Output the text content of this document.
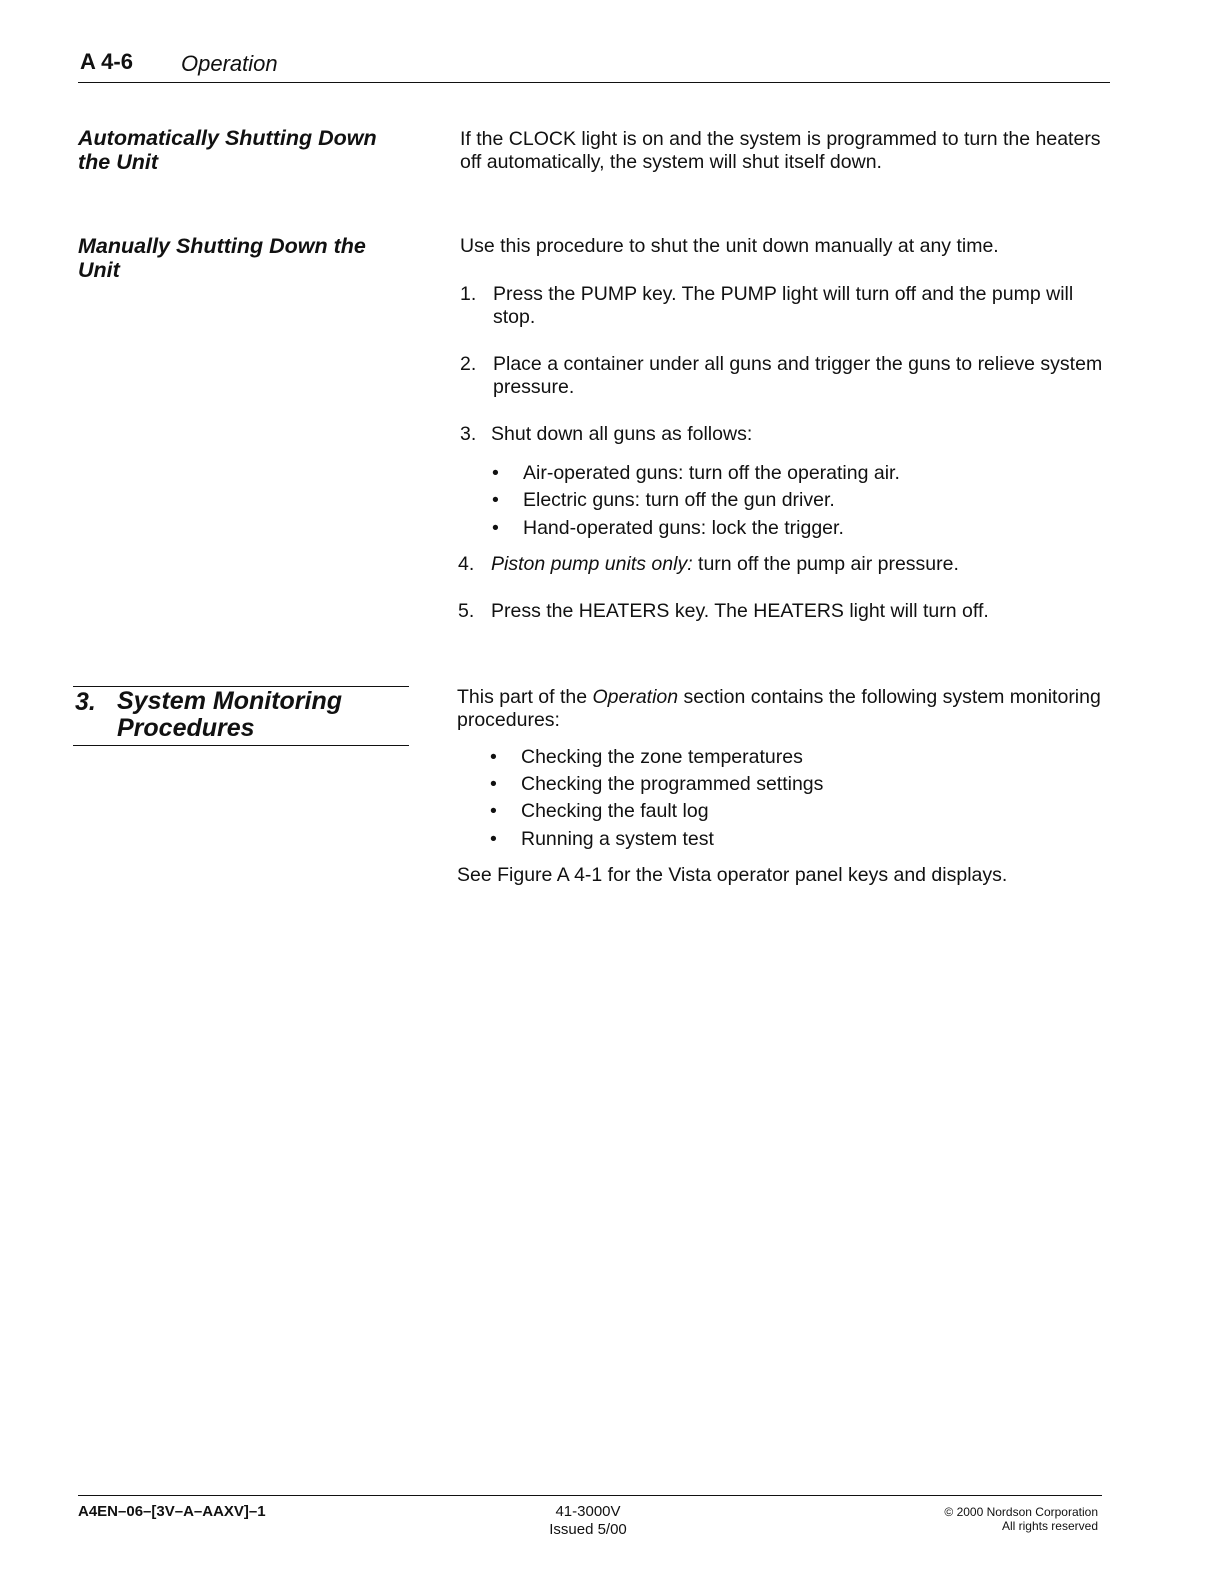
A 4-6 Operation
Automatically Shutting Down the Unit
If the CLOCK light is on and the system is programmed to turn the heaters off automatically, the system will shut itself down.
Manually Shutting Down the Unit
Use this procedure to shut the unit down manually at any time.
1. Press the PUMP key. The PUMP light will turn off and the pump will stop.
2. Place a container under all guns and trigger the guns to relieve system pressure.
3. Shut down all guns as follows:
• Air-operated guns: turn off the operating air.
• Electric guns: turn off the gun driver.
• Hand-operated guns: lock the trigger.
4. Piston pump units only: turn off the pump air pressure.
5. Press the HEATERS key. The HEATERS light will turn off.
3. System Monitoring Procedures
This part of the Operation section contains the following system monitoring procedures:
• Checking the zone temperatures
• Checking the programmed settings
• Checking the fault log
• Running a system test
See Figure A 4-1 for the Vista operator panel keys and displays.
A4EN–06–[3V–A–AAXV]–1	41-3000V
Issued 5/00
© 2000 Nordson Corporation
All rights reserved
